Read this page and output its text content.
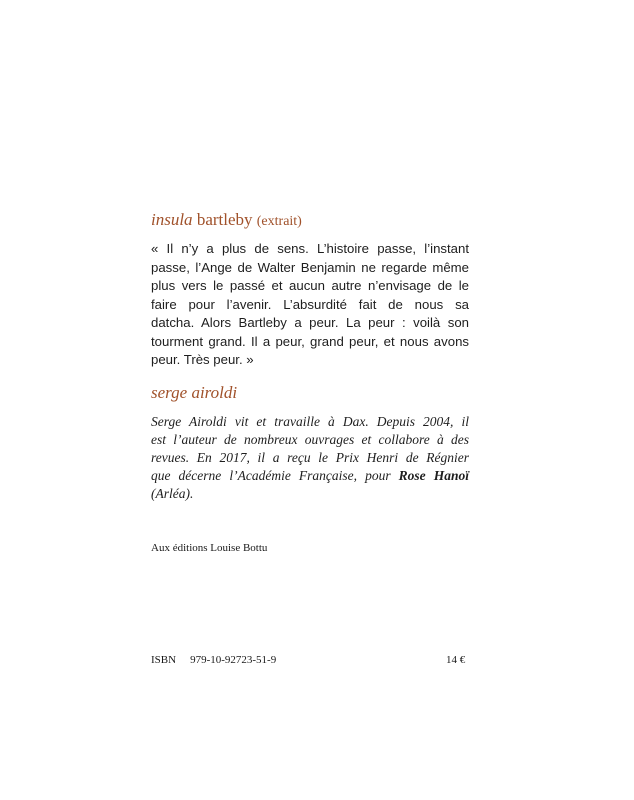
insula bartleby (extrait)
« Il n’y a plus de sens. L’histoire passe, l’instant
passe, l’Ange de Walter Benjamin ne regarde même
plus vers le passé et aucun autre n’envisage de le
faire pour l’avenir. L’absurdité fait de nous sa
datcha. Alors Bartleby a peur. La peur : voilà son
tourment grand. Il a peur, grand peur, et nous avons
peur. Très peur. »
serge airoldi
Serge Airoldi vit et travaille à Dax. Depuis 2004, il
est l’auteur de nombreux ouvrages et collabore à des
revues. En 2017, il a reçu le Prix Henri de Régnier
que décerne l’Académie Française, pour Rose Hanoï
(Arléa).
Aux éditions Louise Bottu
ISBN 979-10-92723-51-9	14 €
